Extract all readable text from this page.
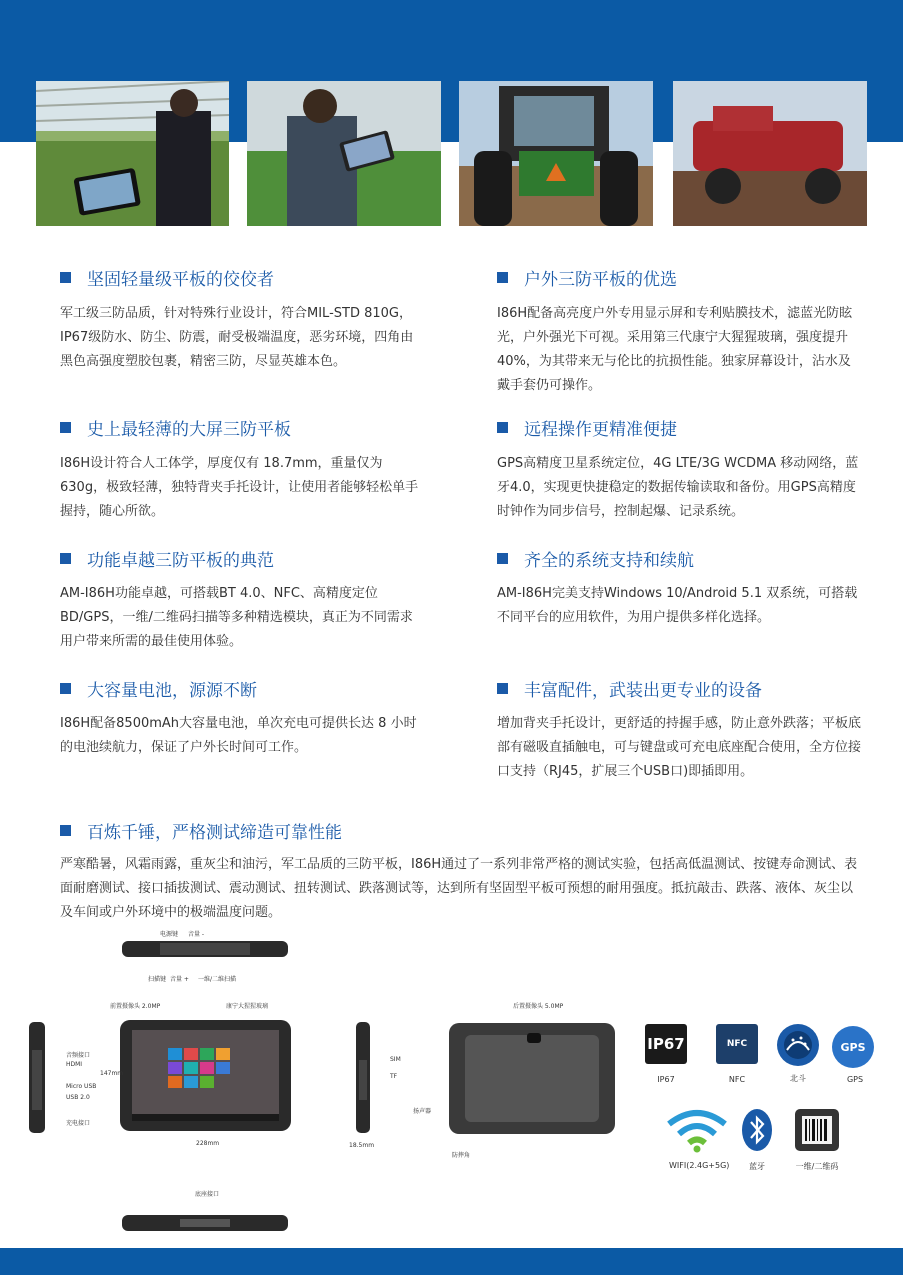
坚固轻量级平板的佼佼者
军工级三防品质，针对特殊行业设计，符合MIL-STD 810G，IP67级防水、防尘、防震，耐受极端温度，恶劣环境，四角由黑色高强度塑胶包裹，精密三防，尽显英雄本色。
户外三防平板的优选
I86H配备高亮度户外专用显示屏和专利贴膜技术，滤蓝光防眩光，户外强光下可视。采用第三代康宁大猩猩玻璃，强度提升40%，为其带来无与伦比的抗损性能。独家屏幕设计，沾水及戴手套仍可操作。
史上最轻薄的大屏三防平板
I86H设计符合人工体学，厚度仅有 18.7mm，重量仅为 630g，极致轻薄，独特背夹手托设计，让使用者能够轻松单手握持，随心所欲。
远程操作更精准便捷
GPS高精度卫星系统定位，4G LTE/3G WCDMA 移动网络，蓝牙4.0，实现更快捷稳定的数据传输读取和备份。用GPS高精度时钟作为同步信号，控制起爆、记录系统。
功能卓越三防平板的典范
AM-I86H功能卓越，可搭载BT 4.0、NFC、高精度定位BD/GPS，一维/二维码扫描等多种精选模块，真正为不同需求用户带来所需的最佳使用体验。
齐全的系统支持和续航
AM-I86H完美支持Windows 10/Android 5.1 双系统，可搭载不同平台的应用软件，为用户提供多样化选择。
大容量电池，源源不断
I86H配备8500mAh大容量电池，单次充电可提供长达 8 小时的电池续航力，保证了户外长时间可工作。
丰富配件，武装出更专业的设备
增加背夹手托设计，更舒适的持握手感，防止意外跌落；平板底部有磁吸直插触电，可与键盘或可充电底座配合使用，全方位接口支持（RJ45，扩展三个USB口)即插即用。
百炼千锤，严格测试缔造可靠性能
严寒酷暑，风霜雨露，重灰尘和油污，军工品质的三防平板，I86H通过了一系列非常严格的测试实验，包括高低温测试、按键寿命测试、表面耐磨测试、接口插拔测试、震动测试、扭转测试、跌落测试等，达到所有坚固型平板可预想的耐用强度。抵抗敲击、跌落、液体、灰尘以及车间或户外环境中的极端温度问题。
电源键 音量 -
扫描键 音量 + 一维/二维扫描
音频接口
HDMI
Micro USB
USB 2.0
充电接口
前置摄像头 2.0MP	康宁大猩猩玻璃
228mm
147mm
SIM
TF
18.5mm
后置摄像头 5.0MP
扬声器
防摔角
底座接口
IP67
IP67
NFC
NFC	北斗
GPS
GPS
WIFI(2.4G+5G)	蓝牙	一维/二维码
